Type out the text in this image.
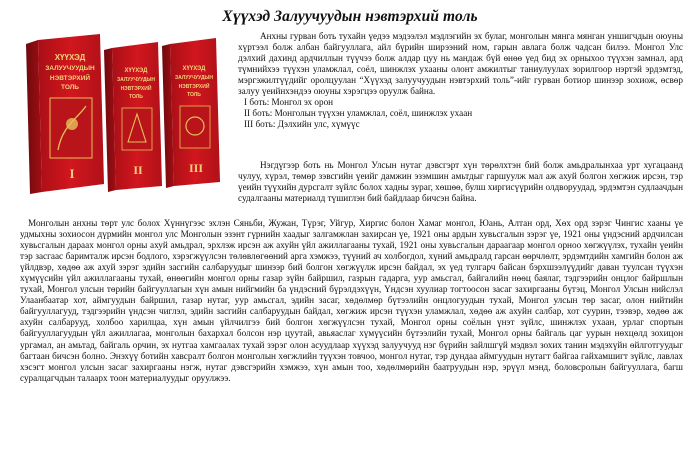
Хүүхэд Залуучуудын нэвтэрхий толь
ХҮҮХЭД
ЗАЛУУЧУУДЫН
НЭВТЭРХИЙ
ТОЛЬ
III
ХҮҮХЭД
ЗАЛУУЧУУДЫН
НЭВТЭРХИЙ
ТОЛЬ
II
ХҮҮХЭД
ЗАЛУУЧУУДЫН
НЭВТЭРХИЙ
ТОЛЬ
I

Анхны гурван боть тухайн үедээ мэдээлэл мэдлэгийн эх булаг, монголын мянга мянган уншигчдын оюуны хүртээл болж албан байгууллага, айл бүрийн ширээний ном, гарын авлага болж чадсан билээ. Монгол Улс дэлхий дахинд ардчиллын түүчээ болж алдар цуу нь мандаж бүй өнөө үед бид эх орныхоо түүхэн замнал, ард түмнийхээ түүхэн уламжлал, соёл, шинжлэх ухааны олонт амжилтыг таниулуулах зорилгоор нэртэй эрдэмтэд, мэргэжилтүүдийг оролцуулан “Хүүхэд залуучуудын нэвтэрхий толь”-ийг гурван ботиор шинээр зохиож, өсвөр залуу үеийнхэндээ оюуны хэрэгцээ оруулж байна.

I боть: Монгол эх орон

II боть: Монголын түүхэн уламжлал, соёл, шинжлэх ухаан

III боть: Дэлхийн улс, хүмүүс

Нэгдүгээр боть нь Монгол Улсын нутаг дэвсгэрт хүн төрөлхтэн бий болж амьдралынхаа урт хугацаанд чулуу, хүрэл, төмөр зэвсгийн үеийг дамжин эзэмшин амьтдыг гаршуулж мал аж ахуй болгон хөгжиж ирсэн, тэр үеийн түүхийн дурсгалт зүйлс болох хадны зураг, хөшөө, булш хиргисүүрийн олдворуудад, эрдэмтэн судлаачдын судалгааны материалд түшиглэн бий байдлаар бичсэн байна.

Монголын анхны төрт улс болох Хүннүгээс эхлэн Сяньби, Жужан, Түрэг, Уйгур, Хиргис болон Хамаг монгол, Юань, Алтан орд, Хөх орд зэрэг Чингис хааны үе удмыхны зохиосон дүрмийн монгол улс Монголын эзэнт гүрнийн хаадыг залгамжлан захирсан үе, 1921 оны ардын хувьсгалын зэрэг үе, 1921 оны үндэсний ардчилсан хувьсгалын дараах монгол орны ахуй амьдрал, эрхлэж ирсэн аж ахуйн үйл ажиллагааны тухай, 1921 оны хувьсгалын дараагаар монгол орноо хөгжүүлэх, тухайн үеийн тэр засгаас баримталж ирсэн бодлого, хэрэгжүүлсэн төлөвлөгөөний арга хэмжээ, түүний ач холбогдол, хүний амьдралд гарсан өөрчлөлт, эрдэмтдийн хамгийн болон аж үйлдвэр, хөдөө аж ахуй зэрэг эдийн засгийн салбаруудыг шинээр бий болгон хөгжүүлж ирсэн байдал, эх үед тулгарч байсан бэрхшээлүүдийг даван туулсан түүхэн хүмүүсийн үйл ажиллагааны тухай, өнөөгийн монгол орны газар зүйн байршил, газрын гадарга, уур амьсгал, байгалийн нөөц баялаг, тэдгээрийн онцлог байршлын тухай, Монгол улсын төрийн байгууллагын хүн амын нийгмийн ба үндэсний бүрэлдэхүүн, Үндсэн хуулиар тогтоосон засаг захиргааны бүтэц, Монгол Улсын нийслэл Улаанбаатар хот, аймгуудын байршил, газар нутаг, уур амьсгал, эдийн засаг, хөдөлмөр бүтээлийн онцлогуудын тухай, Монгол улсын төр засаг, олон нийтийн байгууллагууд, тэдгээрийн үндсэн чиглэл, эдийн засгийн салбаруудын байдал, хөгжиж ирсэн түүхэн уламжлал, хөдөө аж ахуйн салбар, хот суурин, тээвэр, хөдөө аж ахуйн салбарууд, холбоо харилцаа, хүн амын үйлчилгээ бий болгон хөгжүүлсэн тухай, Монгол орны соёлын үнэт зүйлс, шинжлэх ухаан, урлаг спортын байгууллагуудын үйл ажиллагаа, монголын бахархал болсон нэр цуутай, авьяаслаг хүмүүсийн бүтээлийн тухай, Монгол орны байгаль цаг уурын нөхцөлд зохицон ургамал, ан амьтад, байгаль орчин, эх нутгаа хамгаалах тухай зэрэг олон асуудлаар хүүхэд залуучууд нэг бүрийн зайлшгүй мэдвэл зохих танин мэдэхүйн өйлготгуудыг багтаан бичсэн болно. Энэхүү ботийн хавсралт болгон монголын хөгжлийн түүхэн товчоо, монгол нутаг, тэр дундаа аймгуудын нутагт байгаа гайхамшигт зүйлс, лавлах хэсэгт монгол улсын засаг захиргааны нэгж, нутаг дэвсгэрийн хэмжээ, хүн амын тоо, хөдөлмөрийн баатруудын нэр, эрүүл мэнд, боловсролын байгууллага, багш суралцагчдын талаарх тоон материалуудыг оруулжээ.
